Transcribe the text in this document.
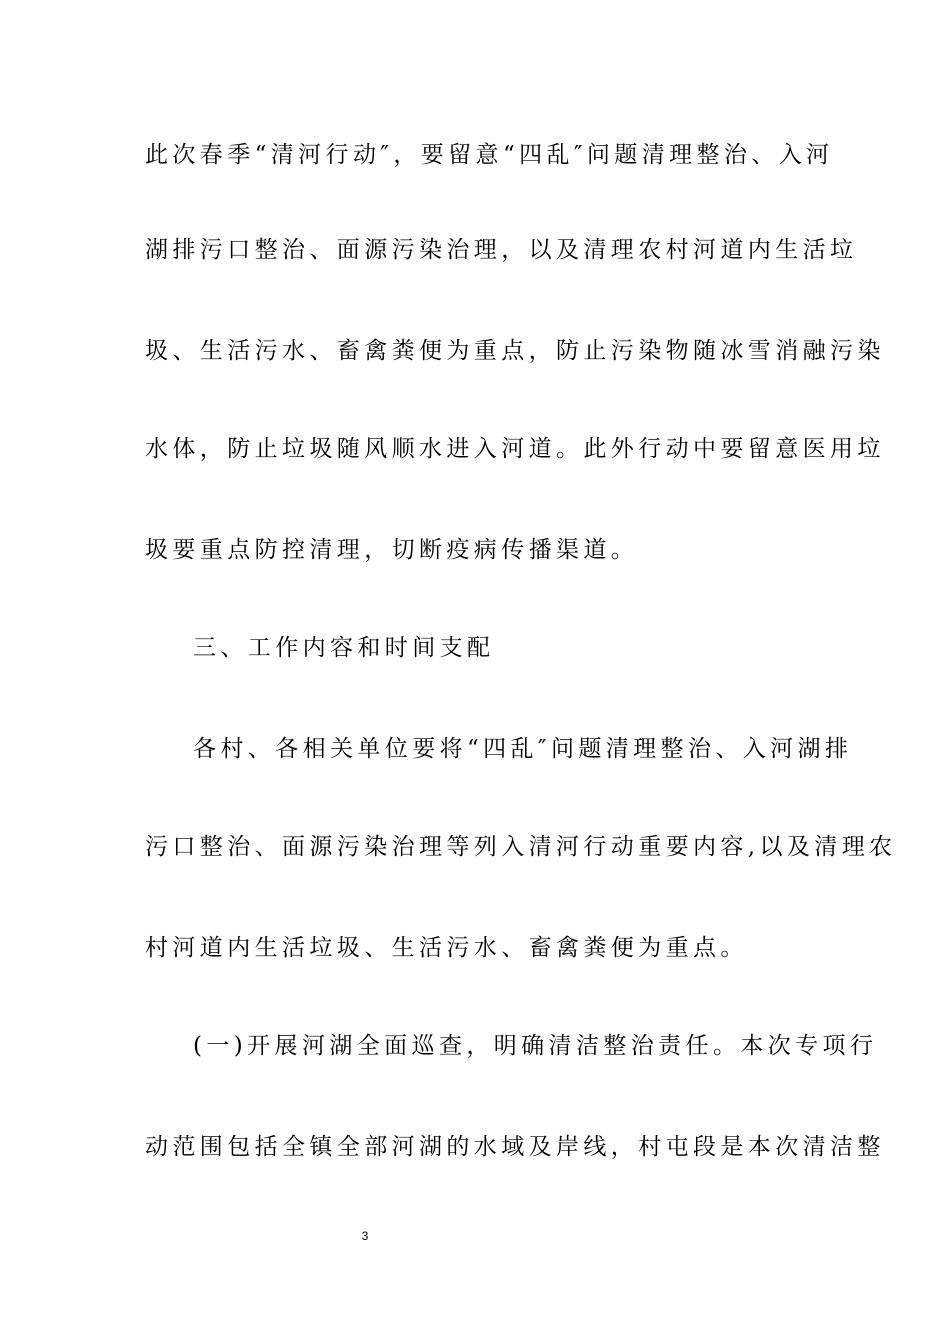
此次春季“清河行动″，要留意“四乱″问题清理整治、入河
湖排污口整治、面源污染治理，以及清理农村河道内生活垃
圾、生活污水、畜禽粪便为重点，防止污染物随冰雪消融污染
水体，防止垃圾随风顺水进入河道。此外行动中要留意医用垃
圾要重点防控清理，切断疫病传播渠道。
三、工作内容和时间支配
各村、各相关单位要将“四乱″问题清理整治、入河湖排
污口整治、面源污染治理等列入清河行动重要内容,以及清理农
村河道内生活垃圾、生活污水、畜禽粪便为重点。
(一)开展河湖全面巡查，明确清洁整治责任。本次专项行
动范围包括全镇全部河湖的水域及岸线，村屯段是本次清洁整
3
